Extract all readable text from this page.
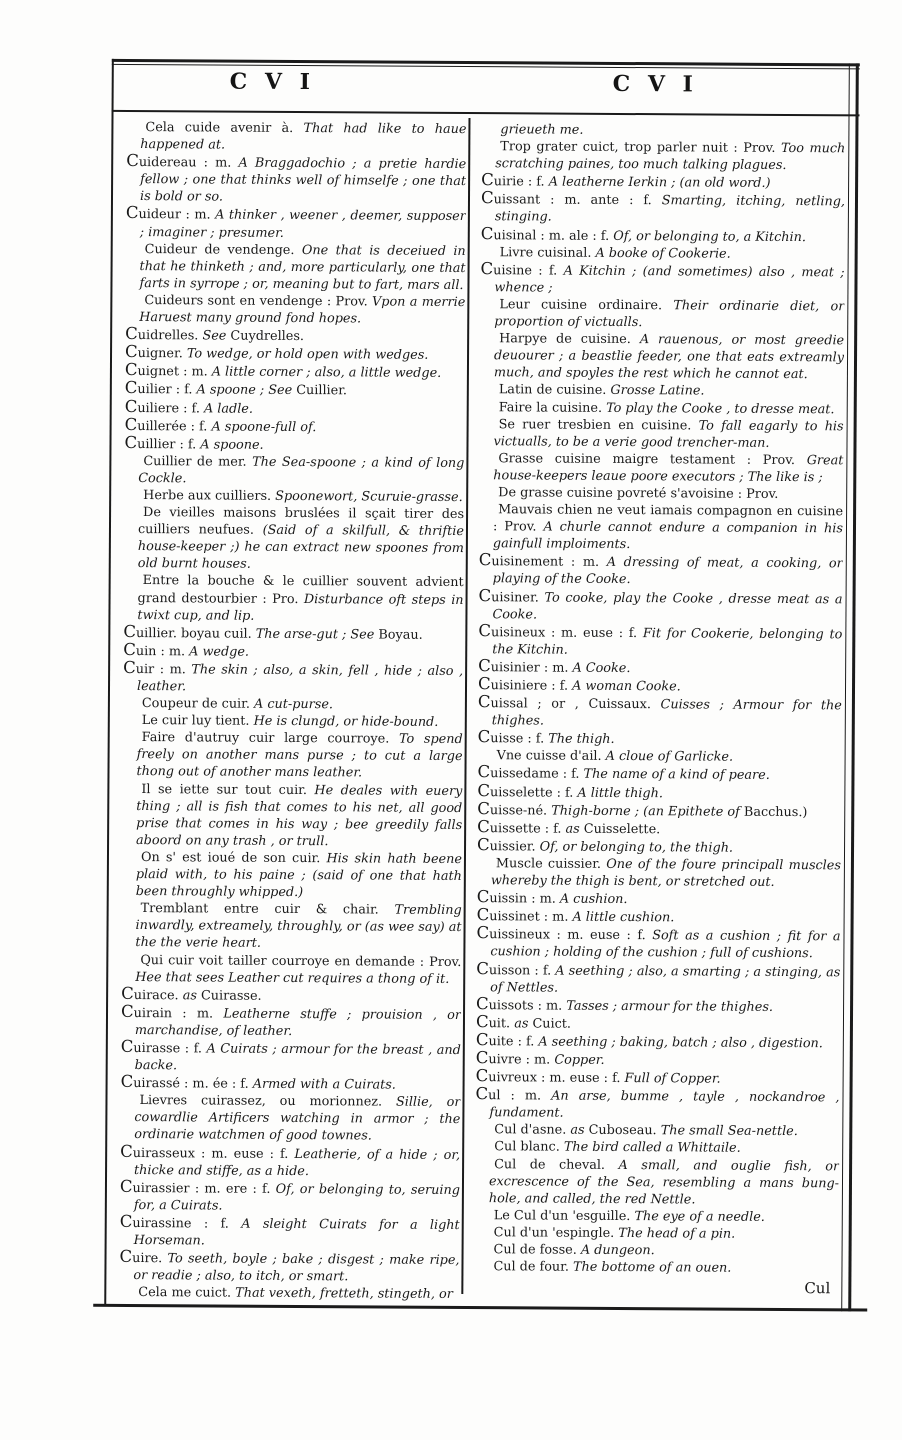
C V I	C V I

Cela cuide avenir à. That had like to haue happened at.

Cuidereau : m. A Braggadochio ; a pretie hardie fellow ; one that thinks well of himselfe ; one that is bold or so.

Cuideur : m. A thinker , weener , deemer, supposer ; imaginer ; presumer.

Cuideur de vendenge. One that is deceiued in that he thinketh ; and, more particularly, one that farts in syrrope ; or, meaning but to fart, mars all.

Cuideurs sont en vendenge : Prov. Vpon a merrie Haruest many ground fond hopes.

Cuidrelles. See Cuydrelles.

Cuigner. To wedge, or hold open with wedges.

Cuignet : m. A little corner ; also, a little wedge.

Cuilier : f. A spoone ; See Cuillier.

Cuiliere : f. A ladle.

Cuillerée : f. A spoone-full of.

Cuillier : f. A spoone.

Cuillier de mer. The Sea-spoone ; a kind of long Cockle.

Herbe aux cuilliers. Spoonewort, Scuruie-grasse.

De vieilles maisons bruslées il sçait tirer des cuilliers neufues. (Said of a skilfull, & thriftie house-keeper ;) he can extract new spoones from old burnt houses.

Entre la bouche & le cuillier souvent advient grand destourbier : Pro. Disturbance oft steps in twixt cup, and lip.

Cuillier. boyau cuil. The arse-gut ; See Boyau.

Cuin : m. A wedge.

Cuir : m. The skin ; also, a skin, fell , hide ; also , leather.

Coupeur de cuir. A cut-purse.

Le cuir luy tient. He is clungd, or hide-bound.

Faire d'autruy cuir large courroye. To spend freely on another mans purse ; to cut a large thong out of another mans leather.

Il se iette sur tout cuir. He deales with euery thing ; all is fish that comes to his net, all good prise that comes in his way ; bee greedily falls aboord on any trash , or trull.

On s' est ioué de son cuir. His skin hath beene plaid with, to his paine ; (said of one that hath been throughly whipped.)

Tremblant entre cuir & chair. Trembling inwardly, extreamely, throughly, or (as wee say) at the the verie heart.

Qui cuir voit tailler courroye en demande : Prov. Hee that sees Leather cut requires a thong of it.

Cuirace. as Cuirasse.

Cuirain : m. Leatherne stuffe ; prouision , or marchandise, of leather.

Cuirasse : f. A Cuirats ; armour for the breast , and backe.

Cuirassé : m. ée : f. Armed with a Cuirats.

Lievres cuirassez, ou morionnez. Sillie, or cowardlie Artificers watching in armor ; the ordinarie watchmen of good townes.

Cuirasseux : m. euse : f. Leatherie, of a hide ; or, thicke and stiffe, as a hide.

Cuirassier : m. ere : f. Of, or belonging to, seruing for, a Cuirats.

Cuirassine : f. A sleight Cuirats for a light Horseman.

Cuire. To seeth, boyle ; bake ; disgest ; make ripe, or readie ; also, to itch, or smart.

Cela me cuict. That vexeth, fretteth, stingeth, or

grieueth me.

Trop grater cuict, trop parler nuit : Prov. Too much scratching paines, too much talking plagues.

Cuirie : f. A leatherne Ierkin ; (an old word.)

Cuissant : m. ante : f. Smarting, itching, netling, stinging.

Cuisinal : m. ale : f. Of, or belonging to, a Kitchin.

Livre cuisinal. A booke of Cookerie.

Cuisine : f. A Kitchin ; (and sometimes) also , meat ; whence ;

Leur cuisine ordinaire. Their ordinarie diet, or proportion of victualls.

Harpye de cuisine. A rauenous, or most greedie deuourer ; a beastlie feeder, one that eats extreamly much, and spoyles the rest which he cannot eat.

Latin de cuisine. Grosse Latine.

Faire la cuisine. To play the Cooke , to dresse meat.

Se ruer tresbien en cuisine. To fall eagarly to his victualls, to be a verie good trencher-man.

Grasse cuisine maigre testament : Prov. Great house-keepers leaue poore executors ; The like is ;

De grasse cuisine povreté s'avoisine : Prov.

Mauvais chien ne veut iamais compagnon en cuisine : Prov. A churle cannot endure a companion in his gainfull imploiments.

Cuisinement : m. A dressing of meat, a cooking, or playing of the Cooke.

Cuisiner. To cooke, play the Cooke , dresse meat as a Cooke.

Cuisineux : m. euse : f. Fit for Cookerie, belonging to the Kitchin.

Cuisinier : m. A Cooke.

Cuisiniere : f. A woman Cooke.

Cuissal ; or , Cuissaux. Cuisses ; Armour for the thighes.

Cuisse : f. The thigh.

Vne cuisse d'ail. A cloue of Garlicke.

Cuissedame : f. The name of a kind of peare.

Cuisselette : f. A little thigh.

Cuisse-né. Thigh-borne ; (an Epithete of Bacchus.)

Cuissette : f. as Cuisselette.

Cuissier. Of, or belonging to, the thigh.

Muscle cuissier. One of the foure principall muscles whereby the thigh is bent, or stretched out.

Cuissin : m. A cushion.

Cuissinet : m. A little cushion.

Cuissineux : m. euse : f. Soft as a cushion ; fit for a cushion ; holding of the cushion ; full of cushions.

Cuisson : f. A seething ; also, a smarting ; a stinging, as of Nettles.

Cuissots : m. Tasses ; armour for the thighes.

Cuit. as Cuict.

Cuite : f. A seething ; baking, batch ; also , digestion.

Cuivre : m. Copper.

Cuivreux : m. euse : f. Full of Copper.

Cul : m. An arse, bumme , tayle , nockandroe , fundament.

Cul d'asne. as Cuboseau. The small Sea-nettle.

Cul blanc. The bird called a Whittaile.

Cul de cheval. A small, and ouglie fish, or excrescence of the Sea, resembling a mans bung-hole, and called, the red Nettle.

Le Cul d'un 'esguille. The eye of a needle.

Cul d'un 'espingle. The head of a pin.

Cul de fosse. A dungeon.

Cul de four. The bottome of an ouen.

Cul
